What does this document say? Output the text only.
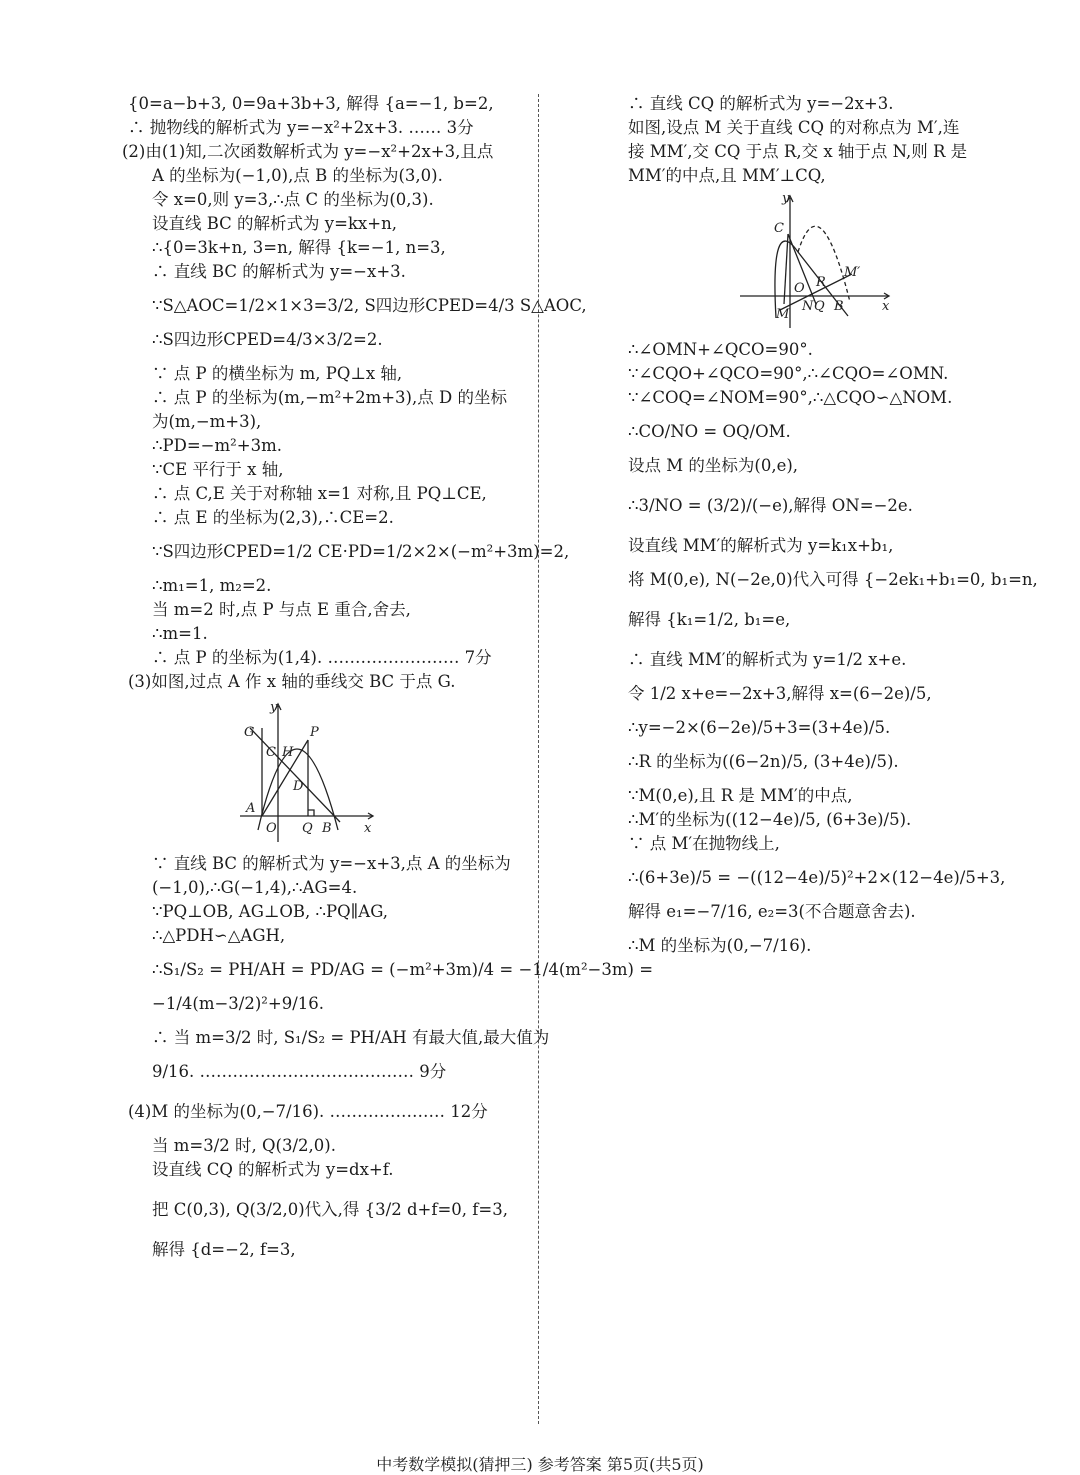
{0=a−b+3, 0=9a+3b+3, 解得 {a=−1, b=2,
∴ 抛物线的解析式为 y=−x²+2x+3. …… 3分
(2)由(1)知,二次函数解析式为 y=−x²+2x+3,且点
A 的坐标为(−1,0),点 B 的坐标为(3,0).
令 x=0,则 y=3,∴点 C 的坐标为(0,3).
设直线 BC 的解析式为 y=kx+n,
∴{0=3k+n, 3=n, 解得 {k=−1, n=3,
∴ 直线 BC 的解析式为 y=−x+3.
∵S△AOC=1/2×1×3=3/2, S四边形CPED=4/3 S△AOC,
∴S四边形CPED=4/3×3/2=2.
∵ 点 P 的横坐标为 m, PQ⊥x 轴,
∴ 点 P 的坐标为(m,−m²+2m+3),点 D 的坐标
为(m,−m+3),
∴PD=−m²+3m.
∵CE 平行于 x 轴,
∴ 点 C,E 关于对称轴 x=1 对称,且 PQ⊥CE,
∴ 点 E 的坐标为(2,3),∴CE=2.
∵S四边形CPED=1/2 CE·PD=1/2×2×(−m²+3m)=2,
∴m₁=1, m₂=2.
当 m=2 时,点 P 与点 E 重合,舍去,
∴m=1.
∴ 点 P 的坐标为(1,4). …………………… 7分
(3)如图,过点 A 作 x 轴的垂线交 BC 于点 G.
y
G	P
C H
D
A
O Q B x
∵ 直线 BC 的解析式为 y=−x+3,点 A 的坐标为
(−1,0),∴G(−1,4),∴AG=4.
∵PQ⊥OB, AG⊥OB, ∴PQ∥AG,
∴△PDH∽△AGH,
∴S₁/S₂ = PH/AH = PD/AG = (−m²+3m)/4 = −1/4(m²−3m) =
−1/4(m−3/2)²+9/16.
∴ 当 m=3/2 时, S₁/S₂ = PH/AH 有最大值,最大值为
9/16. ………………………………… 9分
(4)M 的坐标为(0,−7/16). ………………… 12分
当 m=3/2 时, Q(3/2,0).
设直线 CQ 的解析式为 y=dx+f.
把 C(0,3), Q(3/2,0)代入,得 {3/2 d+f=0, f=3,
解得 {d=−2, f=3,
∴ 直线 CQ 的解析式为 y=−2x+3.
如图,设点 M 关于直线 CQ 的对称点为 M′,连
接 MM′,交 CQ 于点 R,交 x 轴于点 N,则 R 是
MM′的中点,且 MM′⊥CQ,
y
C
M′
R
O
N Q B
M
x
∴∠OMN+∠QCO=90°.
∵∠CQO+∠QCO=90°,∴∠CQO=∠OMN.
∵∠COQ=∠NOM=90°,∴△CQO∽△NOM.
∴CO/NO = OQ/OM.
设点 M 的坐标为(0,e),
∴3/NO = (3/2)/(−e),解得 ON=−2e.
设直线 MM′的解析式为 y=k₁x+b₁,
将 M(0,e), N(−2e,0)代入可得 {−2ek₁+b₁=0, b₁=n,
解得 {k₁=1/2, b₁=e,
∴ 直线 MM′的解析式为 y=1/2 x+e.
令 1/2 x+e=−2x+3,解得 x=(6−2e)/5,
∴y=−2×(6−2e)/5+3=(3+4e)/5.
∴R 的坐标为((6−2n)/5, (3+4e)/5).
∵M(0,e),且 R 是 MM′的中点,
∴M′的坐标为((12−4e)/5, (6+3e)/5).
∵ 点 M′在抛物线上,
∴(6+3e)/5 = −((12−4e)/5)²+2×(12−4e)/5+3,
解得 e₁=−7/16, e₂=3(不合题意舍去).
∴M 的坐标为(0,−7/16).
中考数学模拟(猜押三) 参考答案 第5页(共5页)
